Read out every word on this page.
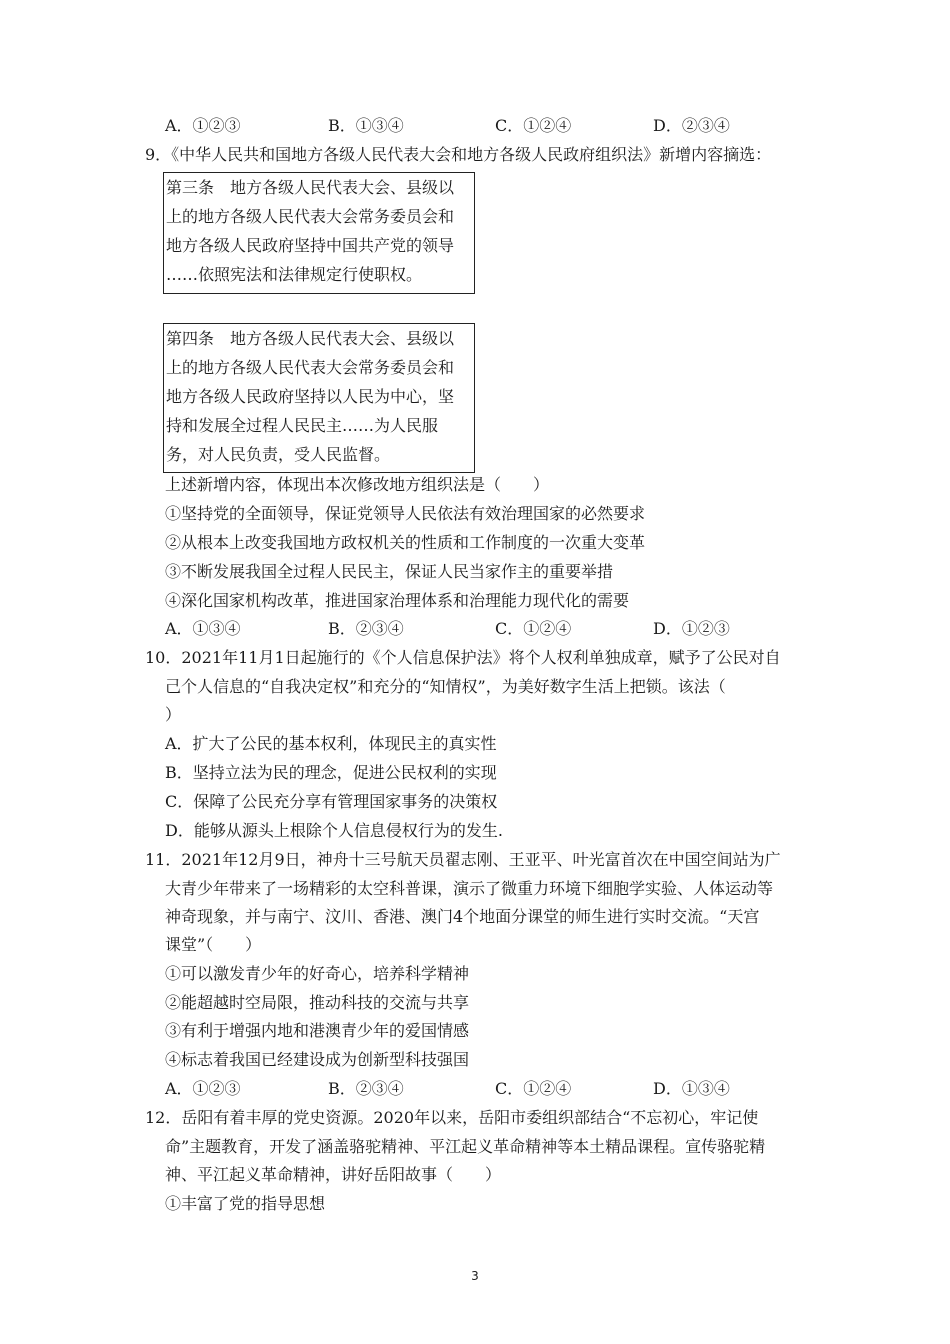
A．①②③	B．①③④	C．①②④	D．②③④
9．《中华人民共和国地方各级人民代表大会和地方各级人民政府组织法》新增内容摘选：
第三条　地方各级人民代表大会、县级以
上的地方各级人民代表大会常务委员会和
地方各级人民政府坚持中国共产党的领导
……依照宪法和法律规定行使职权。
第四条　地方各级人民代表大会、县级以
上的地方各级人民代表大会常务委员会和
地方各级人民政府坚持以人民为中心，坚
持和发展全过程人民民主……为人民服
务，对人民负责，受人民监督。
上述新增内容，体现出本次修改地方组织法是（　　）
①坚持党的全面领导，保证党领导人民依法有效治理国家的必然要求
②从根本上改变我国地方政权机关的性质和工作制度的一次重大变革
③不断发展我国全过程人民民主，保证人民当家作主的重要举措
④深化国家机构改革，推进国家治理体系和治理能力现代化的需要
A．①③④	B．②③④	C．①②④	D．①②③
10．2021年11月1日起施行的《个人信息保护法》将个人权利单独成章，赋予了公民对自
己个人信息的“自我决定权”和充分的“知情权”，为美好数字生活上把锁。该法（
）
A．扩大了公民的基本权利，体现民主的真实性
B．坚持立法为民的理念，促进公民权利的实现
C．保障了公民充分享有管理国家事务的决策权
D．能够从源头上根除个人信息侵权行为的发生.
11．2021年12月9日，神舟十三号航天员翟志刚、王亚平、叶光富首次在中国空间站为广
大青少年带来了一场精彩的太空科普课，演示了微重力环境下细胞学实验、人体运动等
神奇现象，并与南宁、汶川、香港、澳门4个地面分课堂的师生进行实时交流。“天宫
课堂”（　　）
①可以激发青少年的好奇心，培养科学精神
②能超越时空局限，推动科技的交流与共享
③有利于增强内地和港澳青少年的爱国情感
④标志着我国已经建设成为创新型科技强国
A．①②③	B．②③④	C．①②④	D．①③④
12．岳阳有着丰厚的党史资源。2020年以来，岳阳市委组织部结合“不忘初心，牢记使
命”主题教育，开发了涵盖骆驼精神、平江起义革命精神等本土精品课程。宣传骆驼精
神、平江起义革命精神，讲好岳阳故事（　　）
①丰富了党的指导思想
3
